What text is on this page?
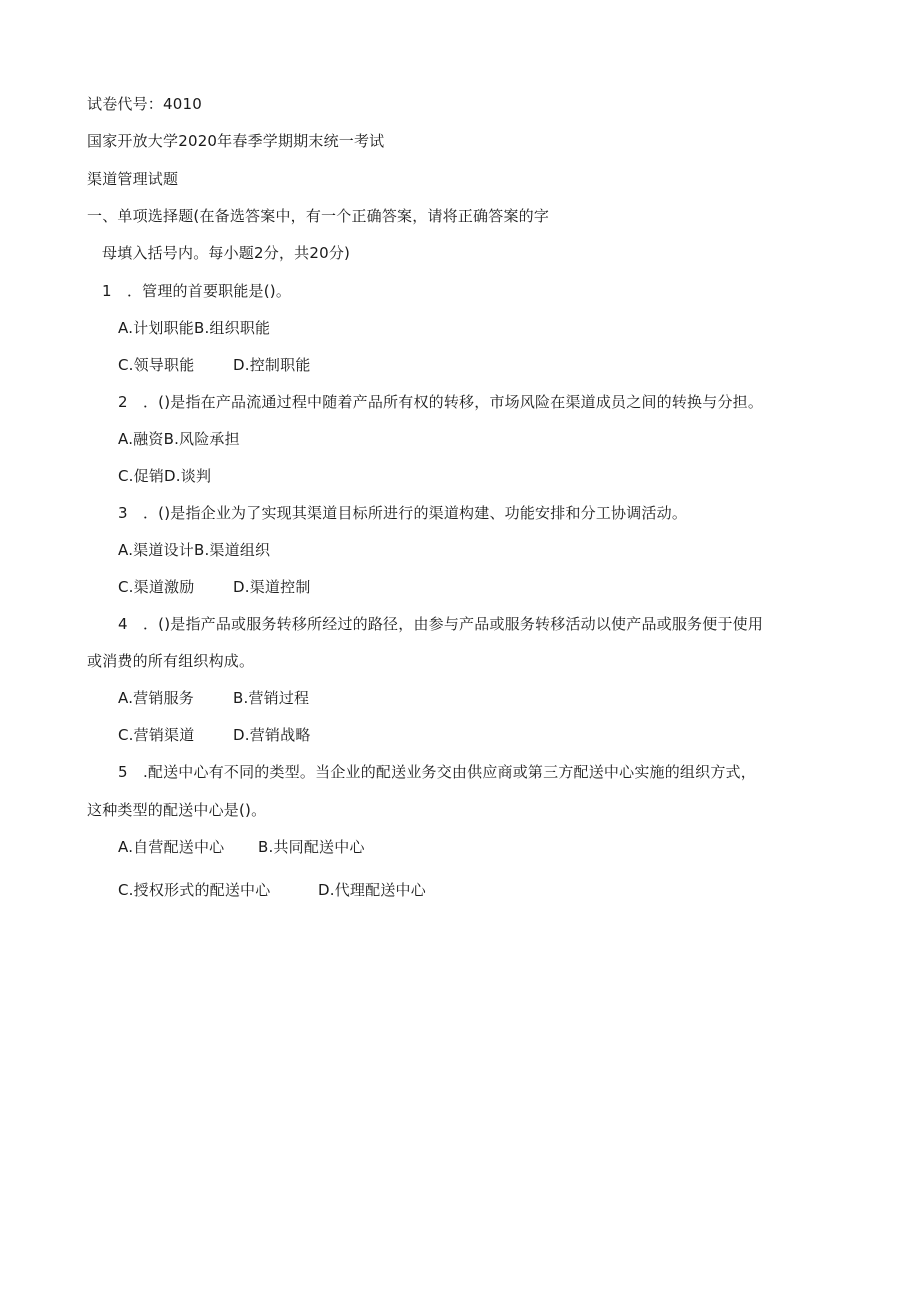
试卷代号：4010
国家开放大学2020年春季学期期末统一考试
渠道管理试题
一、单项选择题(在备选答案中，有一个正确答案，请将正确答案的字
母填入括号内。每小题2分，共20分)
1　．管理的首要职能是()。
A.计划职能B.组织职能
C.领导职能	D.控制职能
2　．()是指在产品流通过程中随着产品所有权的转移，市场风险在渠道成员之间的转换与分担。
A.融资B.风险承担
C.促销D.谈判
3　．()是指企业为了实现其渠道目标所进行的渠道构建、功能安排和分工协调活动。
A.渠道设计B.渠道组织
C.渠道激励	D.渠道控制
4　．()是指产品或服务转移所经过的路径，由参与产品或服务转移活动以使产品或服务便于使用
或消费的所有组织构成。
A.营销服务	B.营销过程
C.营销渠道	D.营销战略
5　.配送中心有不同的类型。当企业的配送业务交由供应商或第三方配送中心实施的组织方式，
这种类型的配送中心是()。
A.自营配送中心 B.共同配送中心
C.授权形式的配送中心	D.代理配送中心
